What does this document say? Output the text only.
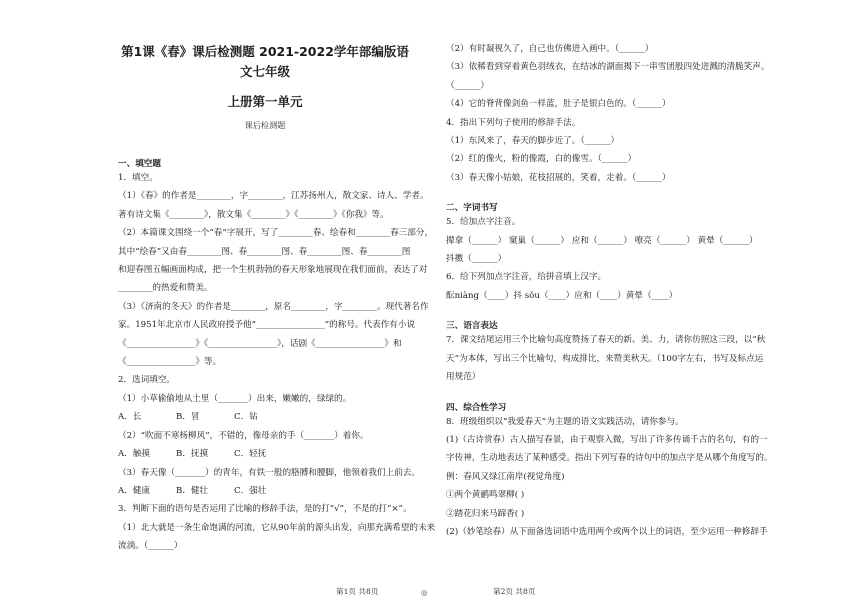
第1课《春》课后检测题 2021-2022学年部编版语文七年级
上册第一单元
课后检测题
一、填空题
1．填空。
（1）《春》的作者是________，字________，江苏扬州人，散文家、诗人、学者。
著有诗文集《________》，散文集《________》《________》《你我》等。
（2）本篇课文围绕一个“春”字展开，写了________春、绘春和________春三部分，
其中“绘春”又由春________图、春________图、春________图、春________图
和迎春图五幅画面构成，把一个生机勃勃的春天形象地展现在我们面前，表达了对
________的热爱和赞美。
（3）《济南的冬天》的作者是________，原名________，字________。现代著名作
家。1951年北京市人民政府授予他“________________”的称号。代表作有小说
《________________》《________________》，话剧《________________》和
《________________》等。
2．选词填空。
（1）小草偷偷地从土里（_______）出来，嫩嫩的，绿绿的。
A．长	B．冒	C．钻
（2）“吹面不寒杨柳风”，不错的，像母亲的手（_______）着你。
A．触摸	B．抚摸	C．轻抚
（3）春天像（_______）的青年，有铁一般的胳膊和腰脚，他领着我们上前去。
A．健康	B．健壮	C．强壮
3．判断下面的语句是否运用了比喻的修辞手法，是的打“√”，不是的打“×”。
（1）北大就是一条生命饱满的河流，它从90年前的源头出发，向那充满希望的未来
流淌。（______）
（2）有时凝视久了，自己也仿佛进入画中。（______）
（3）依稀看到穿着黄色羽绒衣，在结冰的湖面揭下一串雪团般四处迸溅的清脆笑声。
（______）
（4）它的脊背像剑鱼一样蓝，肚子是银白色的。（______）
4．指出下列句子使用的修辞手法。
（1）东风来了，春天的脚步近了。（______）
（2）红的像火，粉的像霞，白的像雪。（______）
（3）春天像小姑娘，花枝招展的，笑着，走着。（______）
二、字词书写
5．给加点字注音。
撵拿（______） 窠巢（______） 应和（______） 嘹亮（______） 黄晕（______）
抖擞（______）
6．给下列加点字注音，给拼音填上汉字。
酝niàng（____）抖 sǒu（____）应和（____）黄晕（____）
三、语言表达
7．课文结尾运用三个比喻句高度赞扬了春天的新、美、力，请你仿照这三段，以“秋
天”为本体，写出三个比喻句，构成排比，来赞美秋天。（100字左右，书写及标点运
用规范）
四、综合性学习
8．班级组织以“我爱春天”为主题的语文实践活动，请你参与。
(1)（古诗赏春）古人描写春景，由于观察入微，写出了许多传诵千古的名句，有的一
字传神，生动地表达了某种感受。指出下列写春的诗句中的加点字是从哪个角度写的。
例：春风又绿江南岸(视觉角度)
①两个黄鹂鸣翠柳( )
②踏花归来马蹄香( )
(2)（妙笔绘春）从下面备选词语中选用两个或两个以上的词语，至少运用一种修辞手
第1页 共8页	◎	第2页 共8页
